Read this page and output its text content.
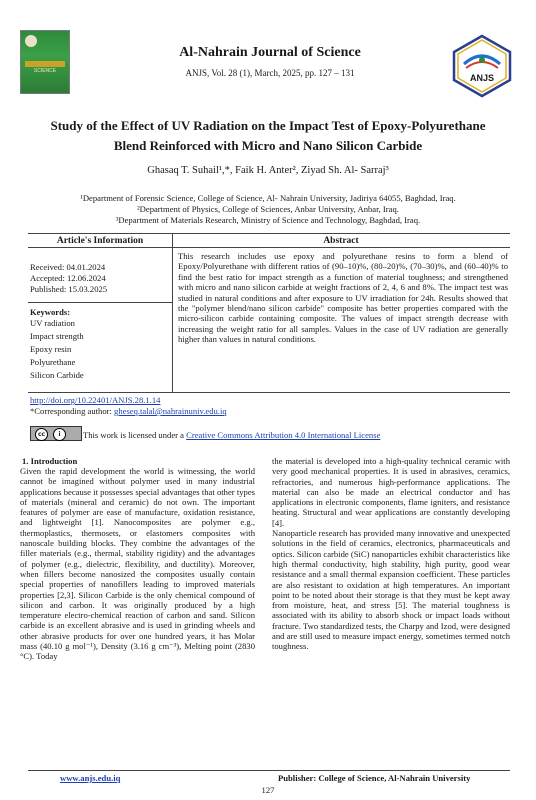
SCIENCE
Al-Nahrain Journal of Science
ANJS, Vol. 28 (1), March, 2025, pp. 127 – 131	ANJS
Study of the Effect of UV Radiation on the Impact Test of Epoxy-Polyurethane
Blend Reinforced with Micro and Nano Silicon Carbide
Ghasaq T. Suhail¹,*, Faik H. Anter², Ziyad Sh. Al- Sarraj³
¹Department of Forensic Science, College of Science, Al- Nahrain University, Jadiriya 64055, Baghdad, Iraq.
²Department of Physics, College of Sciences, Anbar University, Anbar, Iraq.
³Department of Materials Research, Ministry of Science and Technology, Baghdad, Iraq.
Article's Information	Abstract
Received: 04.01.2024
Accepted: 12.06.2024
Published: 15.03.2025
Keywords:
UV radiation
Impact strength
Epoxy resin
Polyurethane
Silicon Carbide
This research includes use epoxy and polyurethane resins to form a blend of Epoxy/Polyurethane with different ratios of (90–10)%, (80–20)%, (70–30)%, and (60–40)% to find the best ratio for impact strength as a function of material toughness; and strengthened with micro and nano silicon carbide at weight fractions of 2, 4, 6 and 8%. The impact test was studied in natural conditions and after exposure to UV irradiation for 24h. Results showed that the "polymer blend/nano silicon carbide" composite has better properties compared with the micro-silicon carbide containing composite. The values of impact strength decrease with increasing the weight ratio for all samples. Values in the case of UV radiation are generally higher than values in natural conditions.
http://doi.org/10.22401/ANJS.28.1.14
*Corresponding author: gheseq.talal@nahrainuniv.edu.iq
cc	i	This work is licensed under a Creative Commons Attribution 4.0 International License
1. Introduction

Given the rapid development the world is witnessing, the world cannot be imagined without polymer used in many industrial applications because it possesses special advantages that other types of materials (mineral and ceramic) do not own. The important features of polymer are ease of manufacture, oxidation resistance, and lightweight [1]. Nanocomposites are polymer e.g., thermoplastics, thermosets, or elastomers composites with nanoscale building blocks. They combine the advantages of the filler materials (e.g., thermal, stability rigidity) and the advantages of polymer (e.g., dielectric, flexibility, and ductility). Moreover, when fillers become nanosized the composites usually contain special properties of nanofillers leading to improved materials properties [2,3]. Silicon Carbide is the only chemical compound of silicon and carbon. It was originally produced by a high temperature electro-chemical reaction of carbon and sand. Silicon carbide is an excellent abrasive and is used in grinding wheels and other abrasive products for over one hundred years, it has Molar mass (40.10 g mol⁻¹), Density (3.16 g cm⁻³), Melting point (2830 °C). Today

the material is developed into a high-quality technical ceramic with very good mechanical properties. It is used in abrasives, ceramics, refractories, and numerous high-performance applications. The material can also be made an electrical conductor and has applications in electronic components, flame igniters, and resistance heating. Structural and wear applications are constantly developing [4].

Nanoparticle research has provided many innovative and unexpected solutions in the field of ceramics, electronics, pharmaceuticals and optics. Silicon carbide (SiC) nanoparticles exhibit characteristics like high thermal conductivity, high stability, high purity, good wear resistance and a small thermal expansion coefficient. These particles are also resistant to oxidation at high temperatures. An important point to be noted about their storage is that they must be kept away from moisture, heat, and stress [5]. The material toughness is associated with its ability to absorb shock or impact loads without fracture. Two standardized tests, the Charpy and Izod, were designed and are still used to measure impact energy, sometimes termed notch toughness.

www.anjs.edu.iq	Publisher: College of Science, Al-Nahrain University
127
